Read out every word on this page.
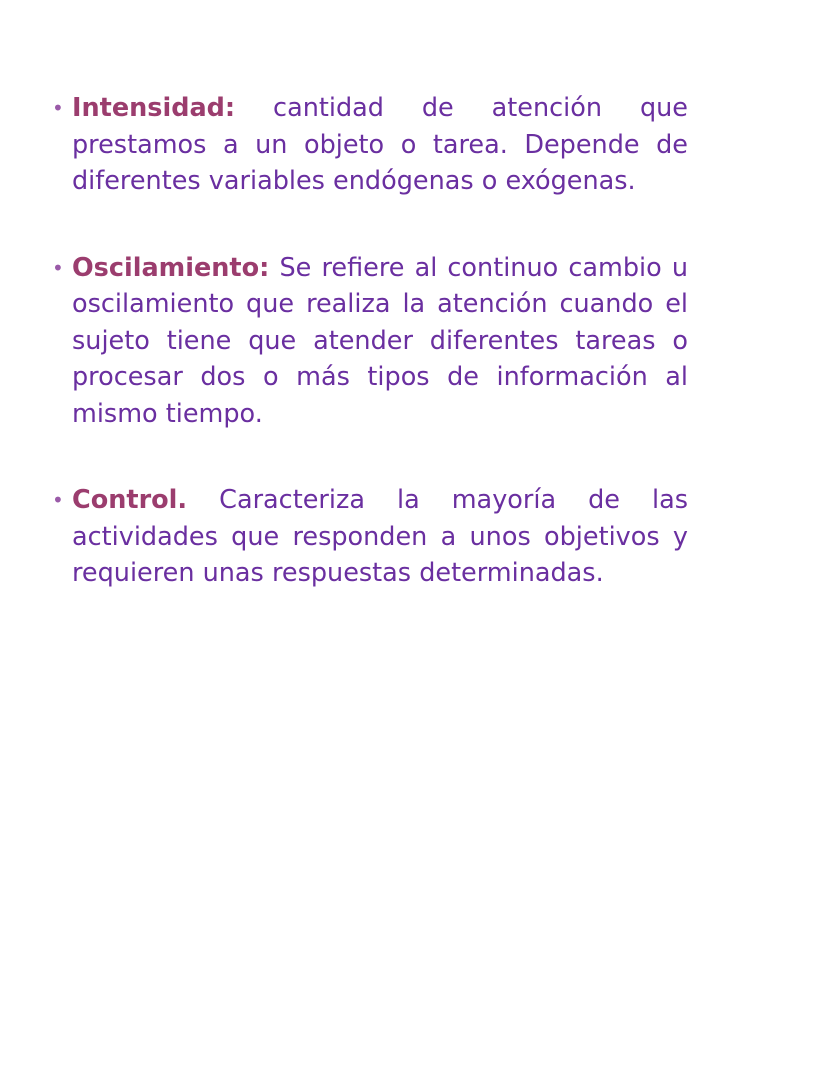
• Intensidad: cantidad de atención que prestamos a un objeto o tarea. Depende de diferentes variables endógenas o exógenas.
• Oscilamiento: Se refiere al continuo cambio u oscilamiento que realiza la atención cuando el sujeto tiene que atender diferentes tareas o procesar dos o más tipos de información al mismo tiempo.
• Control. Caracteriza la mayoría de las actividades que responden a unos objetivos y requieren unas respuestas determinadas.
